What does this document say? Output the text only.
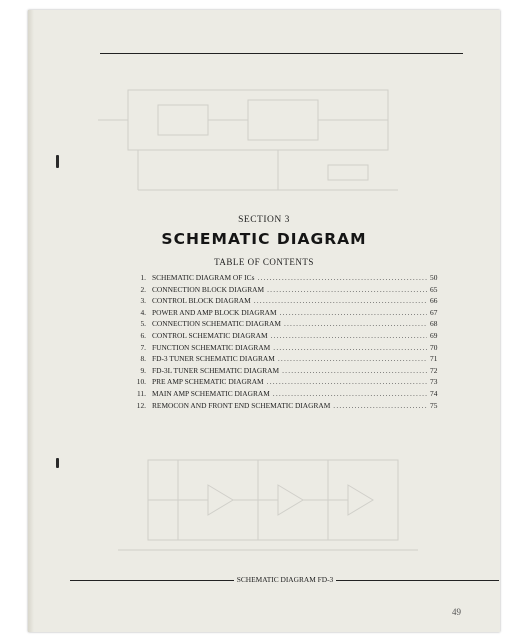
SECTION 3
SCHEMATIC DIAGRAM
TABLE OF CONTENTS
1. SCHEMATIC DIAGRAM OF ICs .....	50
2. CONNECTION BLOCK DIAGRAM .....	65
3. CONTROL BLOCK DIAGRAM .....	66
4. POWER AND AMP BLOCK DIAGRAM .....	67
5. CONNECTION SCHEMATIC DIAGRAM .....	68
6. CONTROL SCHEMATIC DIAGRAM .....	69
7. FUNCTION SCHEMATIC DIAGRAM .....	70
8. FD-3 TUNER SCHEMATIC DIAGRAM .....	71
9. FD-3L TUNER SCHEMATIC DIAGRAM .....	72
10. PRE AMP SCHEMATIC DIAGRAM .....	73
11. MAIN AMP SCHEMATIC DIAGRAM .....	74
12. REMOCON AND FRONT END SCHEMATIC DIAGRAM .....	75
SCHEMATIC DIAGRAM FD-3
49
